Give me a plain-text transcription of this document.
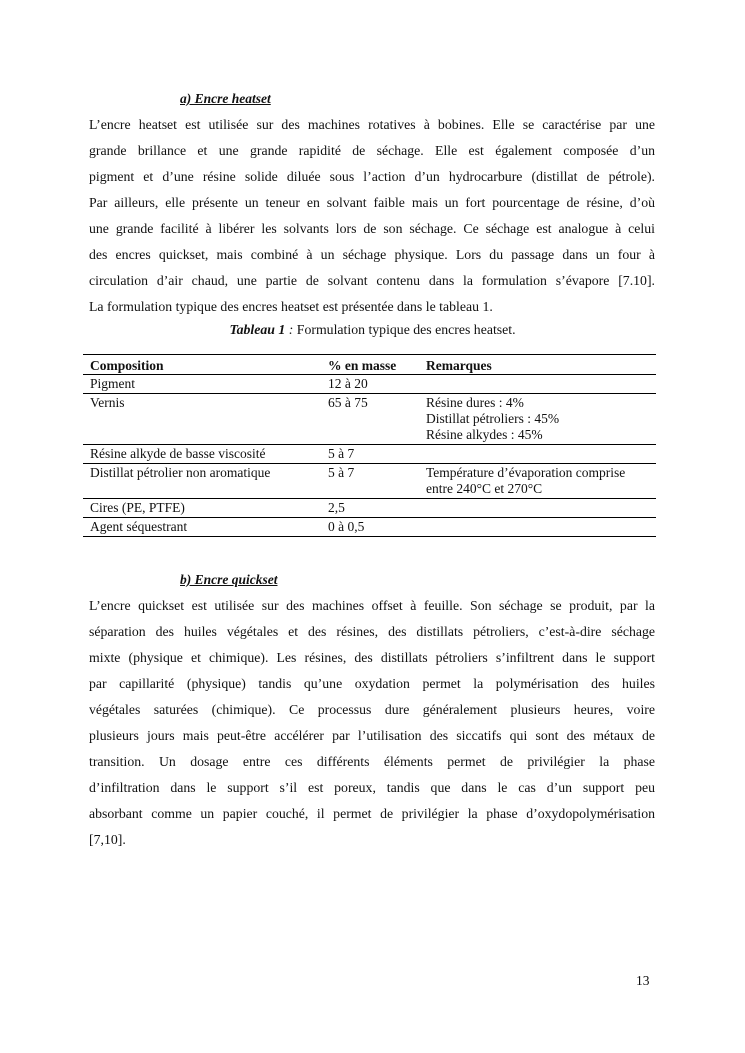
a) Encre heatset
L’encre heatset est utilisée sur des machines rotatives à bobines. Elle se caractérise par une
grande brillance et une grande rapidité de séchage. Elle est également composée d’un
pigment et d’une résine solide diluée sous l’action d’un hydrocarbure (distillat de pétrole).
Par ailleurs, elle présente un teneur en solvant faible mais un fort pourcentage de résine, d’où
une grande facilité à libérer les solvants lors de son séchage. Ce séchage est analogue à celui
des encres quickset, mais combiné à un séchage physique. Lors du passage dans un four à
circulation d’air chaud, une partie de solvant contenu dans la formulation s’évapore [7.10].
La formulation typique des encres heatset est présentée dans le tableau 1.
Tableau 1 : Formulation typique des encres heatset.
Composition	% en masse	Remarques
Pigment	12 à 20	
Vernis	65 à 75	Résine dures : 4%
Distillat pétroliers : 45%
Résine alkydes : 45%

Résine alkyde de basse viscosité	5 à 7	
Distillat pétrolier non aromatique	5 à 7	Température d’évaporation comprise
entre 240°C et 270°C

Cires (PE, PTFE)	2,5	
Agent séquestrant	0 à 0,5	
b) Encre quickset
L’encre quickset est utilisée sur des machines offset à feuille. Son séchage se produit, par la
séparation des huiles végétales et des résines, des distillats pétroliers, c’est-à-dire séchage
mixte (physique et chimique). Les résines, des distillats pétroliers s’infiltrent dans le support
par capillarité (physique) tandis qu’une oxydation permet la polymérisation des huiles
végétales saturées (chimique). Ce processus dure généralement plusieurs heures, voire
plusieurs jours mais peut-être accélérer par l’utilisation des siccatifs qui sont des métaux de
transition. Un dosage entre ces différents éléments permet de privilégier la phase
d’infiltration dans le support s’il est poreux, tandis que dans le cas d’un support peu
absorbant comme un papier couché, il permet de privilégier la phase d’oxydopolymérisation
[7,10].
13
